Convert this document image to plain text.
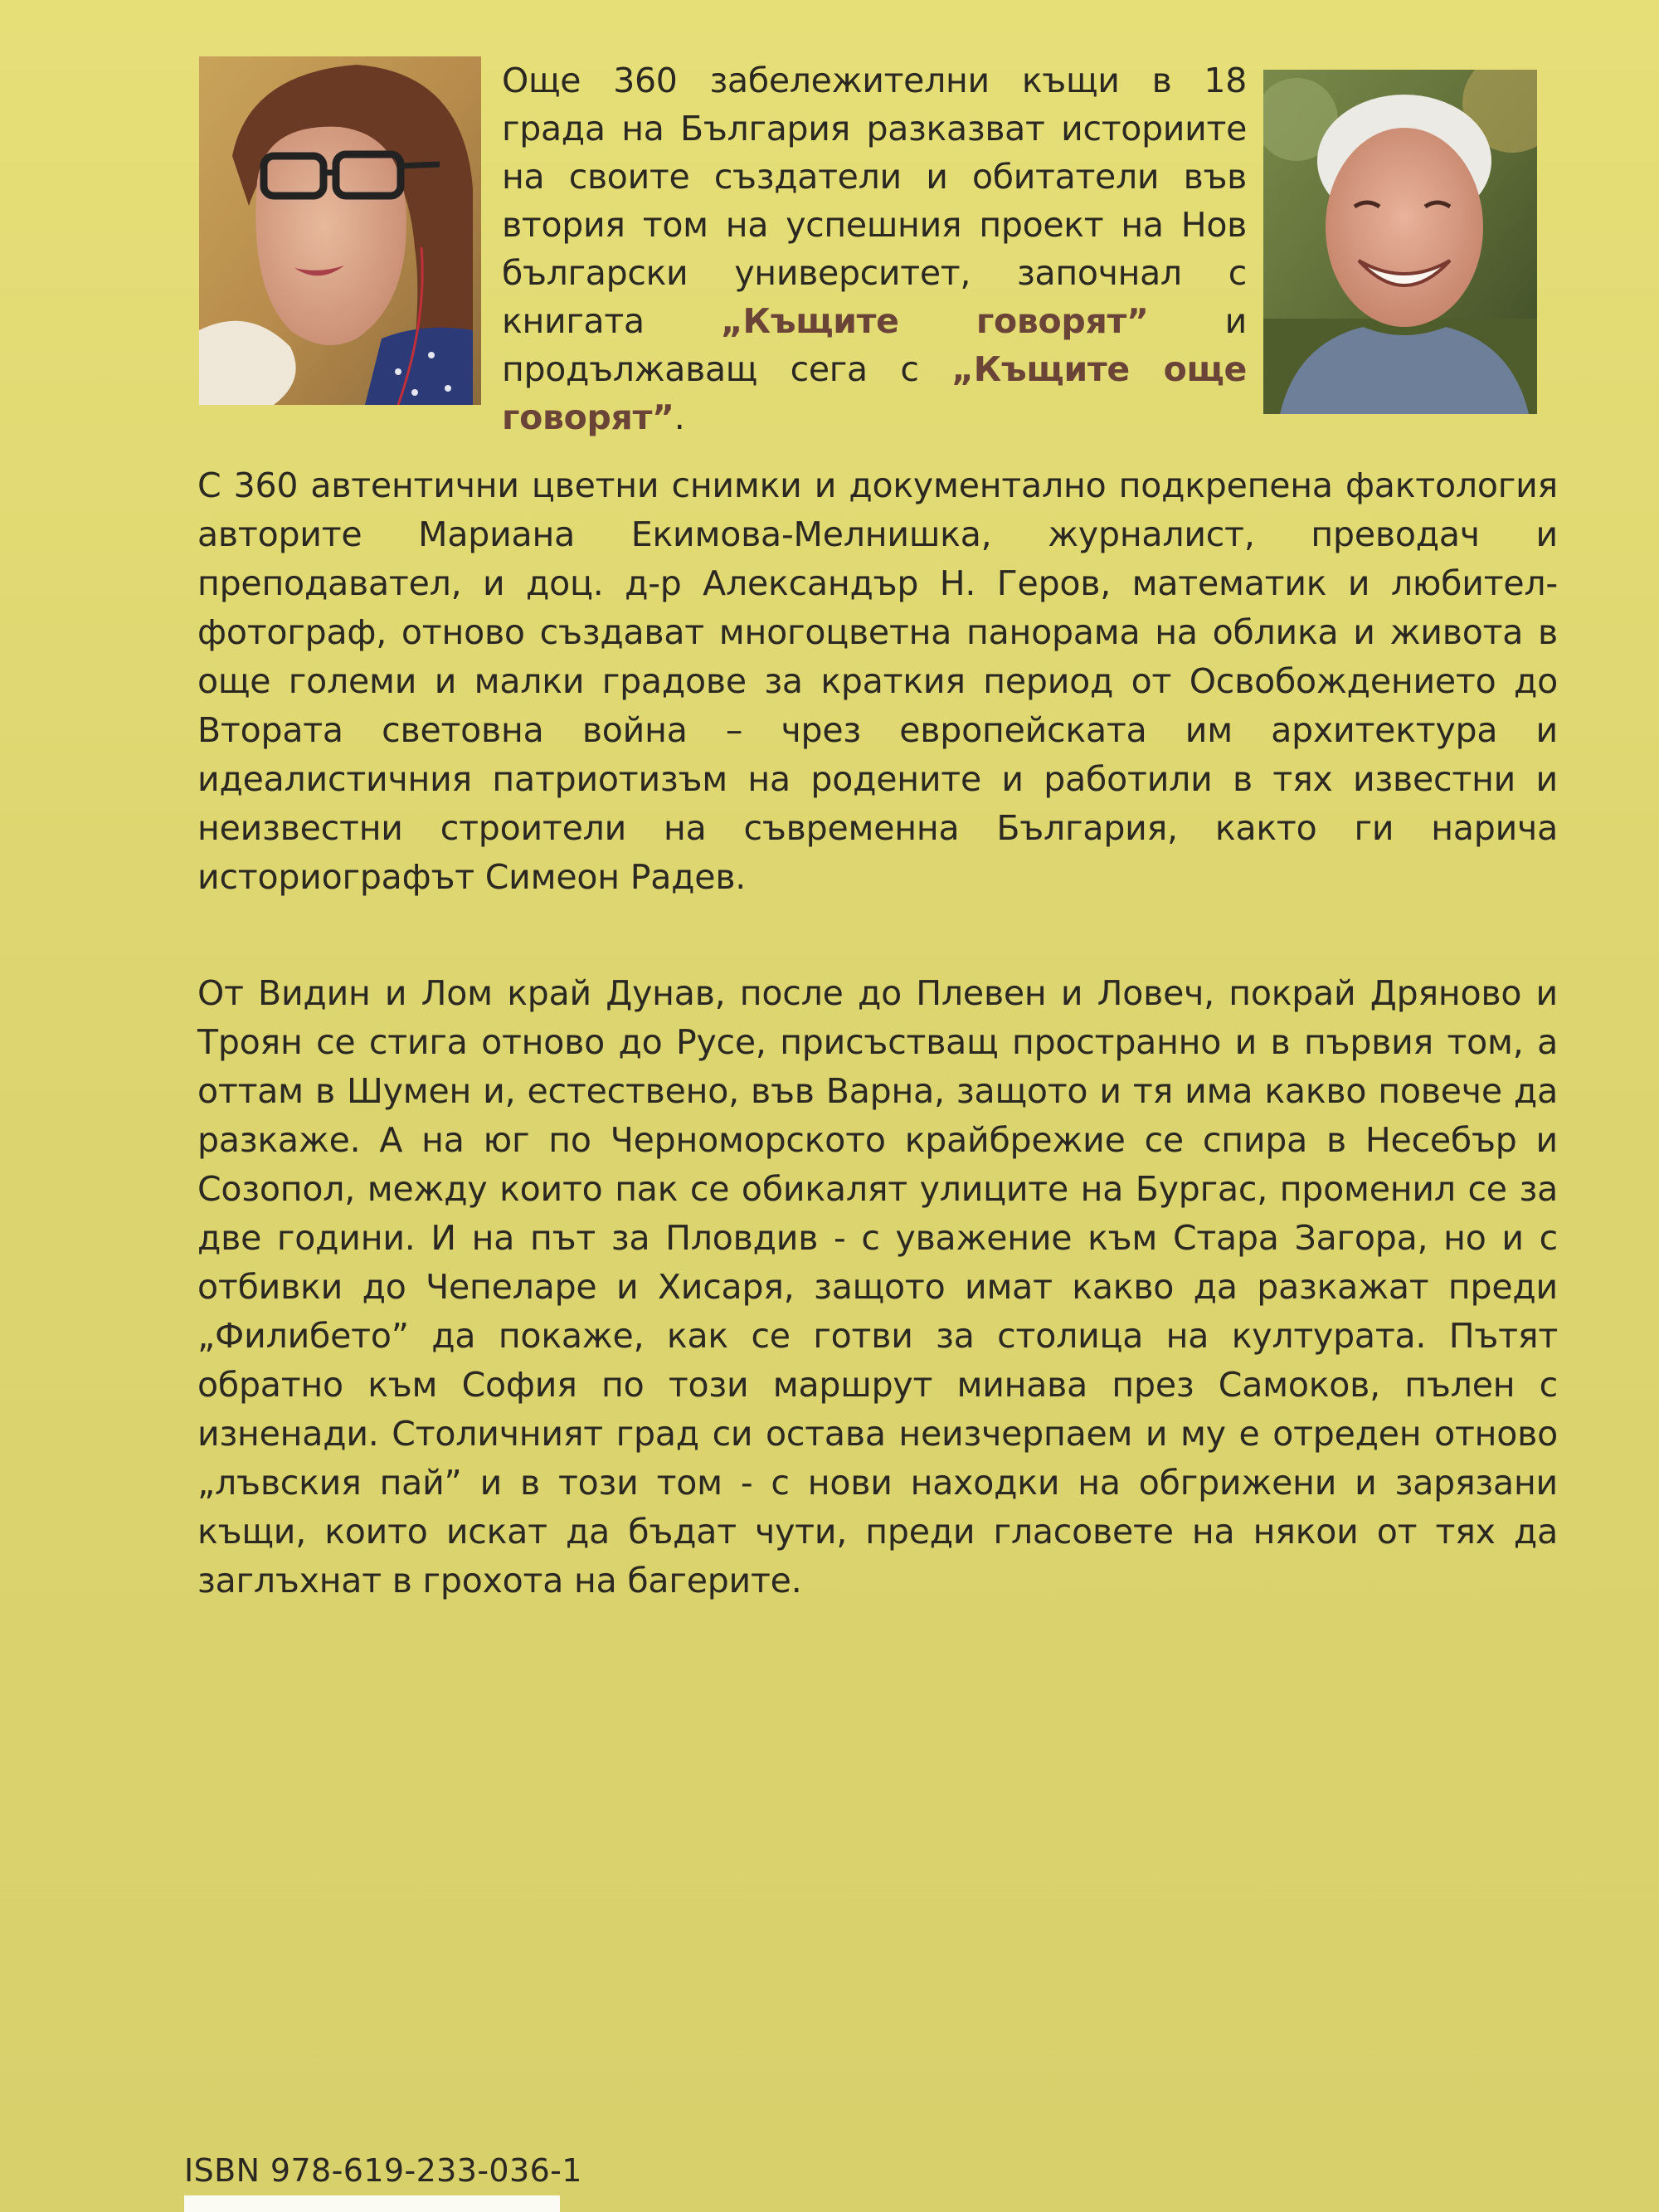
Още 360 забележителни къщи в 18 града на България разказват историите на своите създатели и обитатели във втория том на успешния проект на Нов български университет, започнал с книгата „Къщите говорят” и продължаващ сега с „Къщите още говорят”.

С 360 автентични цветни снимки и документално подкрепена фактология авторите Мариана Екимова-Мелнишка, журналист, преводач и преподавател, и доц. д-р Александър Н. Геров, математик и любител-фотограф, отново създават многоцветна панорама на облика и живота в още големи и малки градове за краткия период от Освобождението до Втората световна война – чрез европейската им архитектура и идеалистичния патриотизъм на родените и работили в тях известни и неизвестни строители на съвременна България, както ги нарича историографът Симеон Радев.

От Видин и Лом край Дунав, после до Плевен и Ловеч, покрай Дряново и Троян се стига отново до Русе, присъстващ пространно и в първия том, а оттам в Шумен и, естествено, във Варна, защото и тя има какво повече да разкаже. А на юг по Черноморското крайбрежие се спира в Несебър и Созопол, между които пак се обикалят улиците на Бургас, променил се за две години. И на път за Пловдив - с уважение към Стара Загора, но и с отбивки до Чепеларе и Хисаря, защото имат какво да разкажат преди „Филибето” да покаже, как се готви за столица на културата. Пътят обратно към София по този маршрут минава през Самоков, пълен с изненади. Столичният град си остава неизчерпаем и му е отреден отново „лъвския пай” и в този том - с нови находки на обгрижени и зарязани къщи, които искат да бъдат чути, преди гласовете на някои от тях да заглъхнат в грохота на багерите.

ISBN 978-619-233-036-1
